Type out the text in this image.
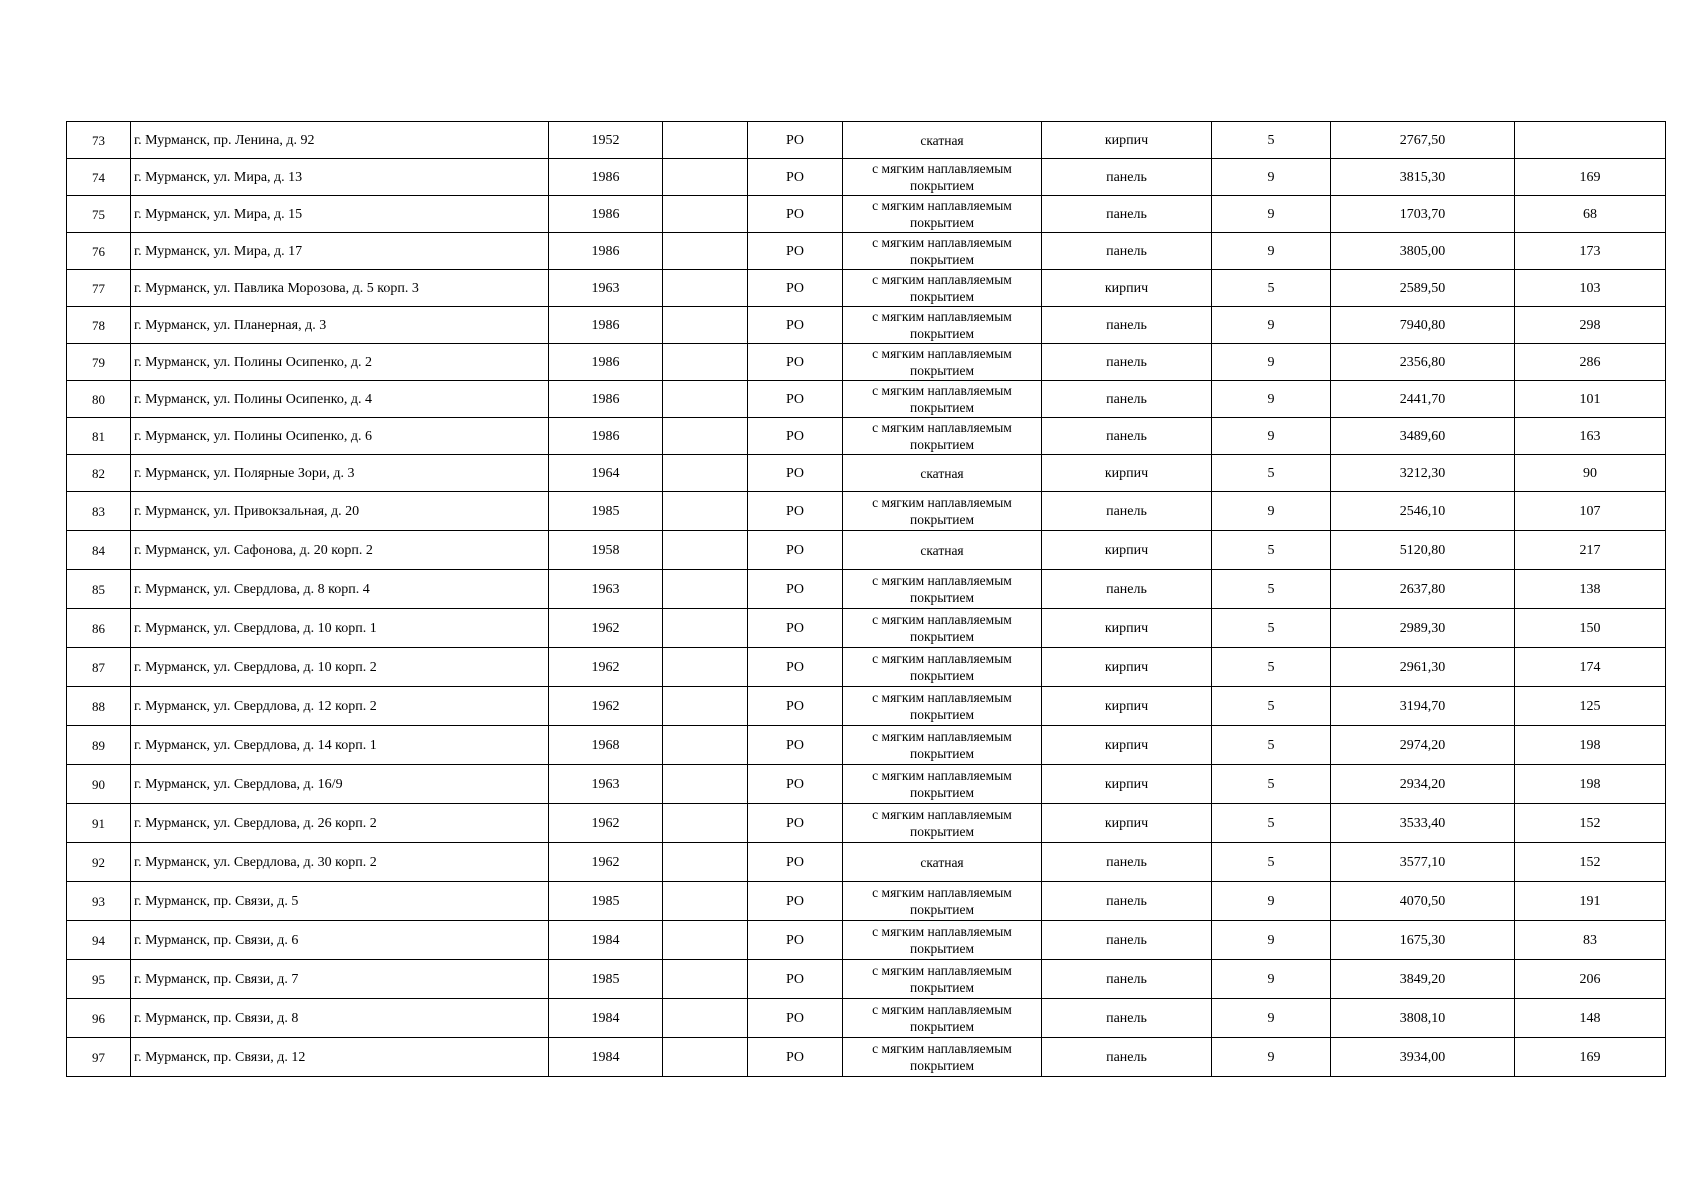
73	г. Мурманск, пр. Ленина, д. 92	1952		РО	скатная	кирпич	5	2767,50	
74	г. Мурманск, ул. Мира, д. 13	1986		РО	с мягким наплавляемым покрытием	панель	9	3815,30	169
75	г. Мурманск, ул. Мира, д. 15	1986		РО	с мягким наплавляемым покрытием	панель	9	1703,70	68
76	г. Мурманск, ул. Мира, д. 17	1986		РО	с мягким наплавляемым покрытием	панель	9	3805,00	173
77	г. Мурманск, ул. Павлика Морозова, д. 5 корп. 3	1963		РО	с мягким наплавляемым покрытием	кирпич	5	2589,50	103
78	г. Мурманск, ул. Планерная, д. 3	1986		РО	с мягким наплавляемым покрытием	панель	9	7940,80	298
79	г. Мурманск, ул. Полины Осипенко, д. 2	1986		РО	с мягким наплавляемым покрытием	панель	9	2356,80	286
80	г. Мурманск, ул. Полины Осипенко, д. 4	1986		РО	с мягким наплавляемым покрытием	панель	9	2441,70	101
81	г. Мурманск, ул. Полины Осипенко, д. 6	1986		РО	с мягким наплавляемым покрытием	панель	9	3489,60	163
82	г. Мурманск, ул. Полярные Зори, д. 3	1964		РО	скатная	кирпич	5	3212,30	90
83	г. Мурманск, ул. Привокзальная, д. 20	1985		РО	с мягким наплавляемым покрытием	панель	9	2546,10	107
84	г. Мурманск, ул. Сафонова, д. 20 корп. 2	1958		РО	скатная	кирпич	5	5120,80	217
85	г. Мурманск, ул. Свердлова, д. 8 корп. 4	1963		РО	с мягким наплавляемым покрытием	панель	5	2637,80	138
86	г. Мурманск, ул. Свердлова, д. 10 корп. 1	1962		РО	с мягким наплавляемым покрытием	кирпич	5	2989,30	150
87	г. Мурманск, ул. Свердлова, д. 10 корп. 2	1962		РО	с мягким наплавляемым покрытием	кирпич	5	2961,30	174
88	г. Мурманск, ул. Свердлова, д. 12 корп. 2	1962		РО	с мягким наплавляемым покрытием	кирпич	5	3194,70	125
89	г. Мурманск, ул. Свердлова, д. 14 корп. 1	1968		РО	с мягким наплавляемым покрытием	кирпич	5	2974,20	198
90	г. Мурманск, ул. Свердлова, д. 16/9	1963		РО	с мягким наплавляемым покрытием	кирпич	5	2934,20	198
91	г. Мурманск, ул. Свердлова, д. 26 корп. 2	1962		РО	с мягким наплавляемым покрытием	кирпич	5	3533,40	152
92	г. Мурманск, ул. Свердлова, д. 30 корп. 2	1962		РО	скатная	панель	5	3577,10	152
93	г. Мурманск, пр. Связи, д. 5	1985		РО	с мягким наплавляемым покрытием	панель	9	4070,50	191
94	г. Мурманск, пр. Связи, д. 6	1984		РО	с мягким наплавляемым покрытием	панель	9	1675,30	83
95	г. Мурманск, пр. Связи, д. 7	1985		РО	с мягким наплавляемым покрытием	панель	9	3849,20	206
96	г. Мурманск, пр. Связи, д. 8	1984		РО	с мягким наплавляемым покрытием	панель	9	3808,10	148
97	г. Мурманск, пр. Связи, д. 12	1984		РО	с мягким наплавляемым покрытием	панель	9	3934,00	169
